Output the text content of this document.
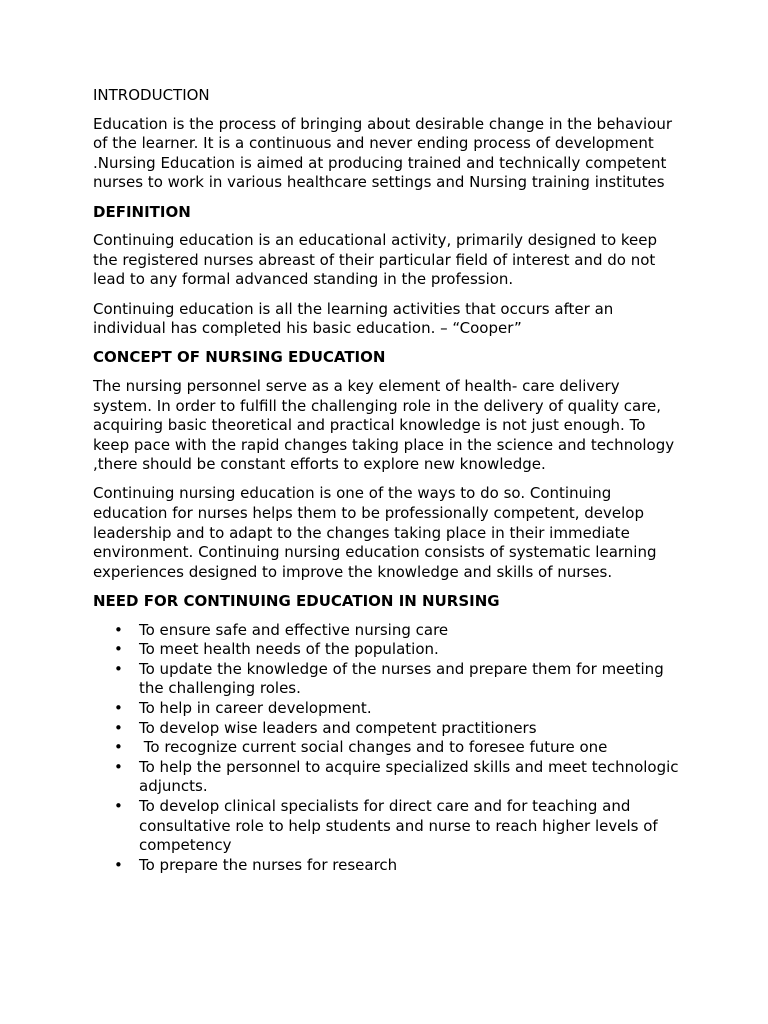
INTRODUCTION

Education is the process of bringing about desirable change in the behaviour of the learner. It is a continuous and never ending process of development .Nursing Education is aimed at producing trained and technically competent nurses to work in various healthcare settings and Nursing training institutes

DEFINITION

Continuing education is an educational activity, primarily designed to keep the registered nurses abreast of their particular field of interest and do not lead to any formal advanced standing in the profession.

Continuing education is all the learning activities that occurs after an individual has completed his basic education. – “Cooper”

CONCEPT OF NURSING EDUCATION

The nursing personnel serve as a key element of health- care delivery system. In order to fulfill the challenging role in the delivery of quality care, acquiring basic theoretical and practical knowledge is not just enough. To keep pace with the rapid changes taking place in the science and technology ,there should be constant efforts to explore new knowledge.

Continuing nursing education is one of the ways to do so. Continuing education for nurses helps them to be professionally competent, develop leadership and to adapt to the changes taking place in their immediate environment. Continuing nursing education consists of systematic learning experiences designed to improve the knowledge and skills of nurses.

NEED FOR CONTINUING EDUCATION IN NURSING

• To ensure safe and effective nursing care
• To meet health needs of the population.
• To update the knowledge of the nurses and prepare them for meeting the challenging roles.
• To help in career development.
• To develop wise leaders and competent practitioners
• To recognize current social changes and to foresee future one
• To help the personnel to acquire specialized skills and meet technologic adjuncts.
• To develop clinical specialists for direct care and for teaching and consultative role to help students and nurse to reach higher levels of competency
• To prepare the nurses for research
